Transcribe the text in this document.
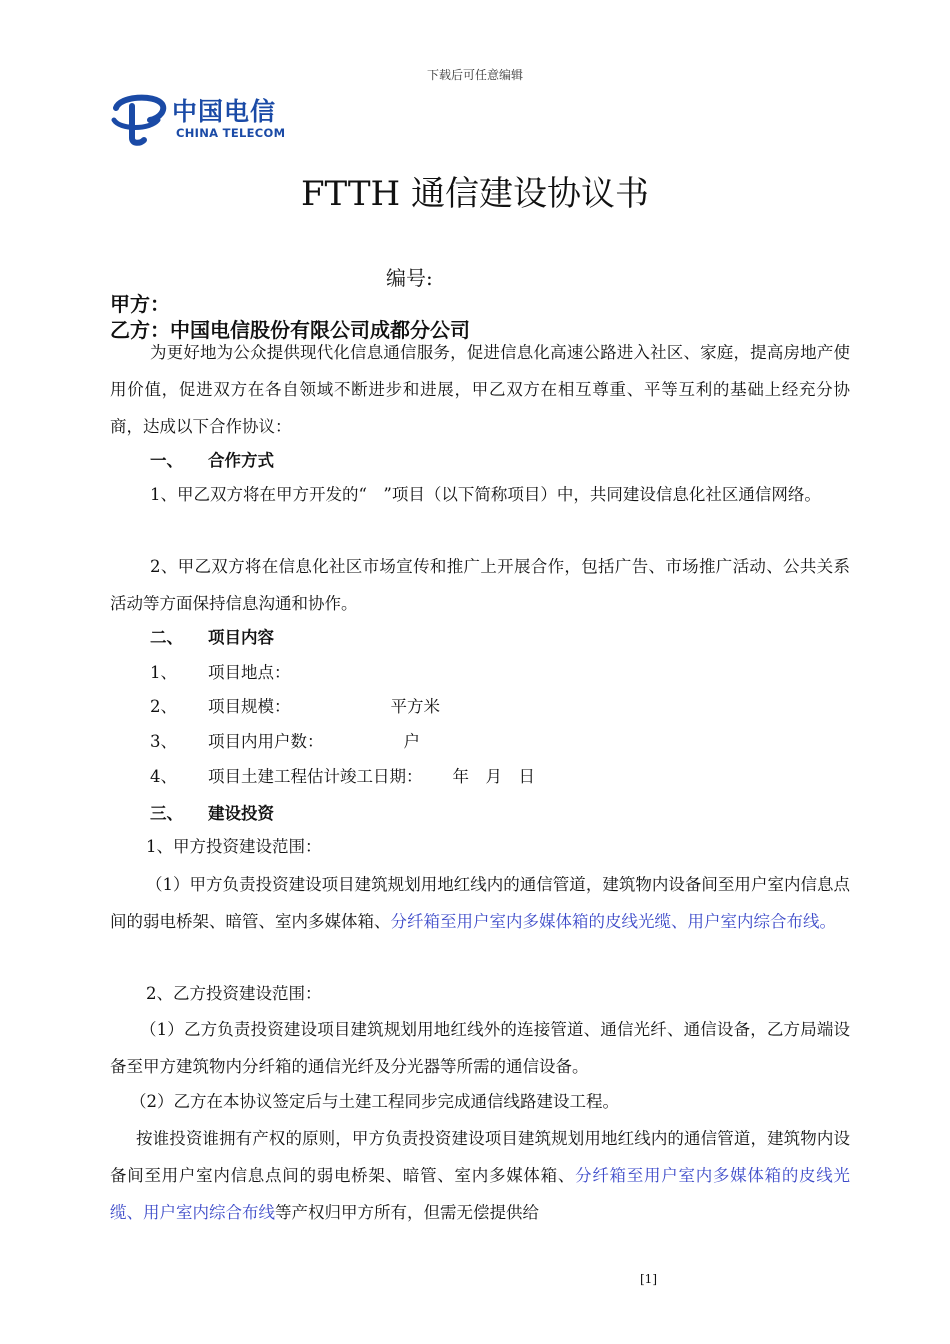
下载后可任意编辑
中国电信
CHINA TELECOM
FTTH 通信建设协议书
编号:
甲方：
乙方：中国电信股份有限公司成都分公司
为更好地为公众提供现代化信息通信服务，促进信息化高速公路进入社区、家庭，提高房地产使用价值，促进双方在各自领域不断进步和进展，甲乙双方在相互尊重、平等互利的基础上经充分协商，达成以下合作协议：
一、 合作方式
1、甲乙双方将在甲方开发的“　”项目（以下简称项目）中，共同建设信息化社区通信网络。
2、甲乙双方将在信息化社区市场宣传和推广上开展合作，包括广告、市场推广活动、公共关系活动等方面保持信息沟通和协作。
二、 项目内容
1、 项目地点：
2、 项目规模：	平方米
3、 项目内用户数：	户
4、 项目土建工程估计竣工日期： 年　月　日
三、 建设投资
1、甲方投资建设范围：
（1）甲方负责投资建设项目建筑规划用地红线内的通信管道，建筑物内设备间至用户室内信息点间的弱电桥架、暗管、室内多媒体箱、分纤箱至用户室内多媒体箱的皮线光缆、用户室内综合布线。
2、乙方投资建设范围：
（1）乙方负责投资建设项目建筑规划用地红线外的连接管道、通信光纤、通信设备，乙方局端设备至甲方建筑物内分纤箱的通信光纤及分光器等所需的通信设备。
（2）乙方在本协议签定后与土建工程同步完成通信线路建设工程。
按谁投资谁拥有产权的原则，甲方负责投资建设项目建筑规划用地红线内的通信管道，建筑物内设备间至用户室内信息点间的弱电桥架、暗管、室内多媒体箱、分纤箱至用户室内多媒体箱的皮线光缆、用户室内综合布线等产权归甲方所有，但需无偿提供给
[1]
